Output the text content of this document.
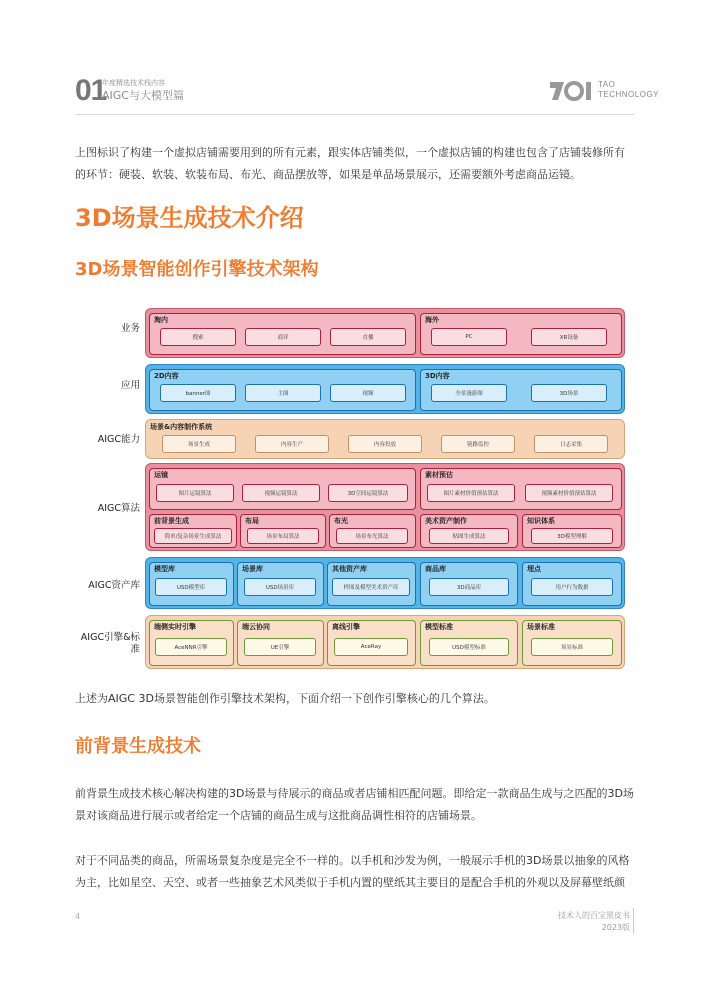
01
年度精选技术栈内容
AIGC与大模型篇
TAO
TECHNOLOGY
上图标识了构建一个虚拟店铺需要用到的所有元素，跟实体店铺类似，一个虚拟店铺的构建也包含了店铺装修所有的环节：硬装、软装、软装布局、布光、商品摆放等，如果是单品场景展示，还需要额外考虑商品运镜。
3D场景生成技术介绍
3D场景智能创作引擎技术架构
业务
应用
AIGC能力
AIGC算法
AIGC资产库
AIGC引擎&标准
淘内
搜索	商详	直播
海外
PC	XR设备
2D内容
banner图	主图	视频
3D内容
全景漫游图	3D场景
场景&内容制作系统
场景生成	内容生产	内容投放	链路监控	日志采集
运镜
图片运镜算法	视频运镜算法	3D空间运镜算法
素材预估
图片素材价值预估算法	视频素材价值预估算法
前背景生成
简单/复杂场景生成算法
布局
场景布局算法
布光
场景布光算法
美术资产制作
贴图生成算法
知识体系
3D模型理解
模型库
USD模型库
场景库
USD场景库
其他资产库
样图及模型美术资产库
商品库
3D商品库
埋点
用户行为数据
端侧实时引擎
AceNNR引擎
端云协同
UE引擎
离线引擎
AceRay
模型标准
USD模型标准
场景标准
场景标准
上述为AIGC 3D场景智能创作引擎技术架构，下面介绍一下创作引擎核心的几个算法。
前背景生成技术
前背景生成技术核心解决构建的3D场景与待展示的商品或者店铺相匹配问题。即给定一款商品生成与之匹配的3D场景对该商品进行展示或者给定一个店铺的商品生成与这批商品调性相符的店铺场景。
对于不同品类的商品，所需场景复杂度是完全不一样的。以手机和沙发为例，一般展示手机的3D场景以抽象的风格为主，比如星空、天空、或者一些抽象艺术风类似于手机内置的壁纸其主要目的是配合手机的外观以及屏幕壁纸颜
4	技术人的百宝黑皮书
2023版
